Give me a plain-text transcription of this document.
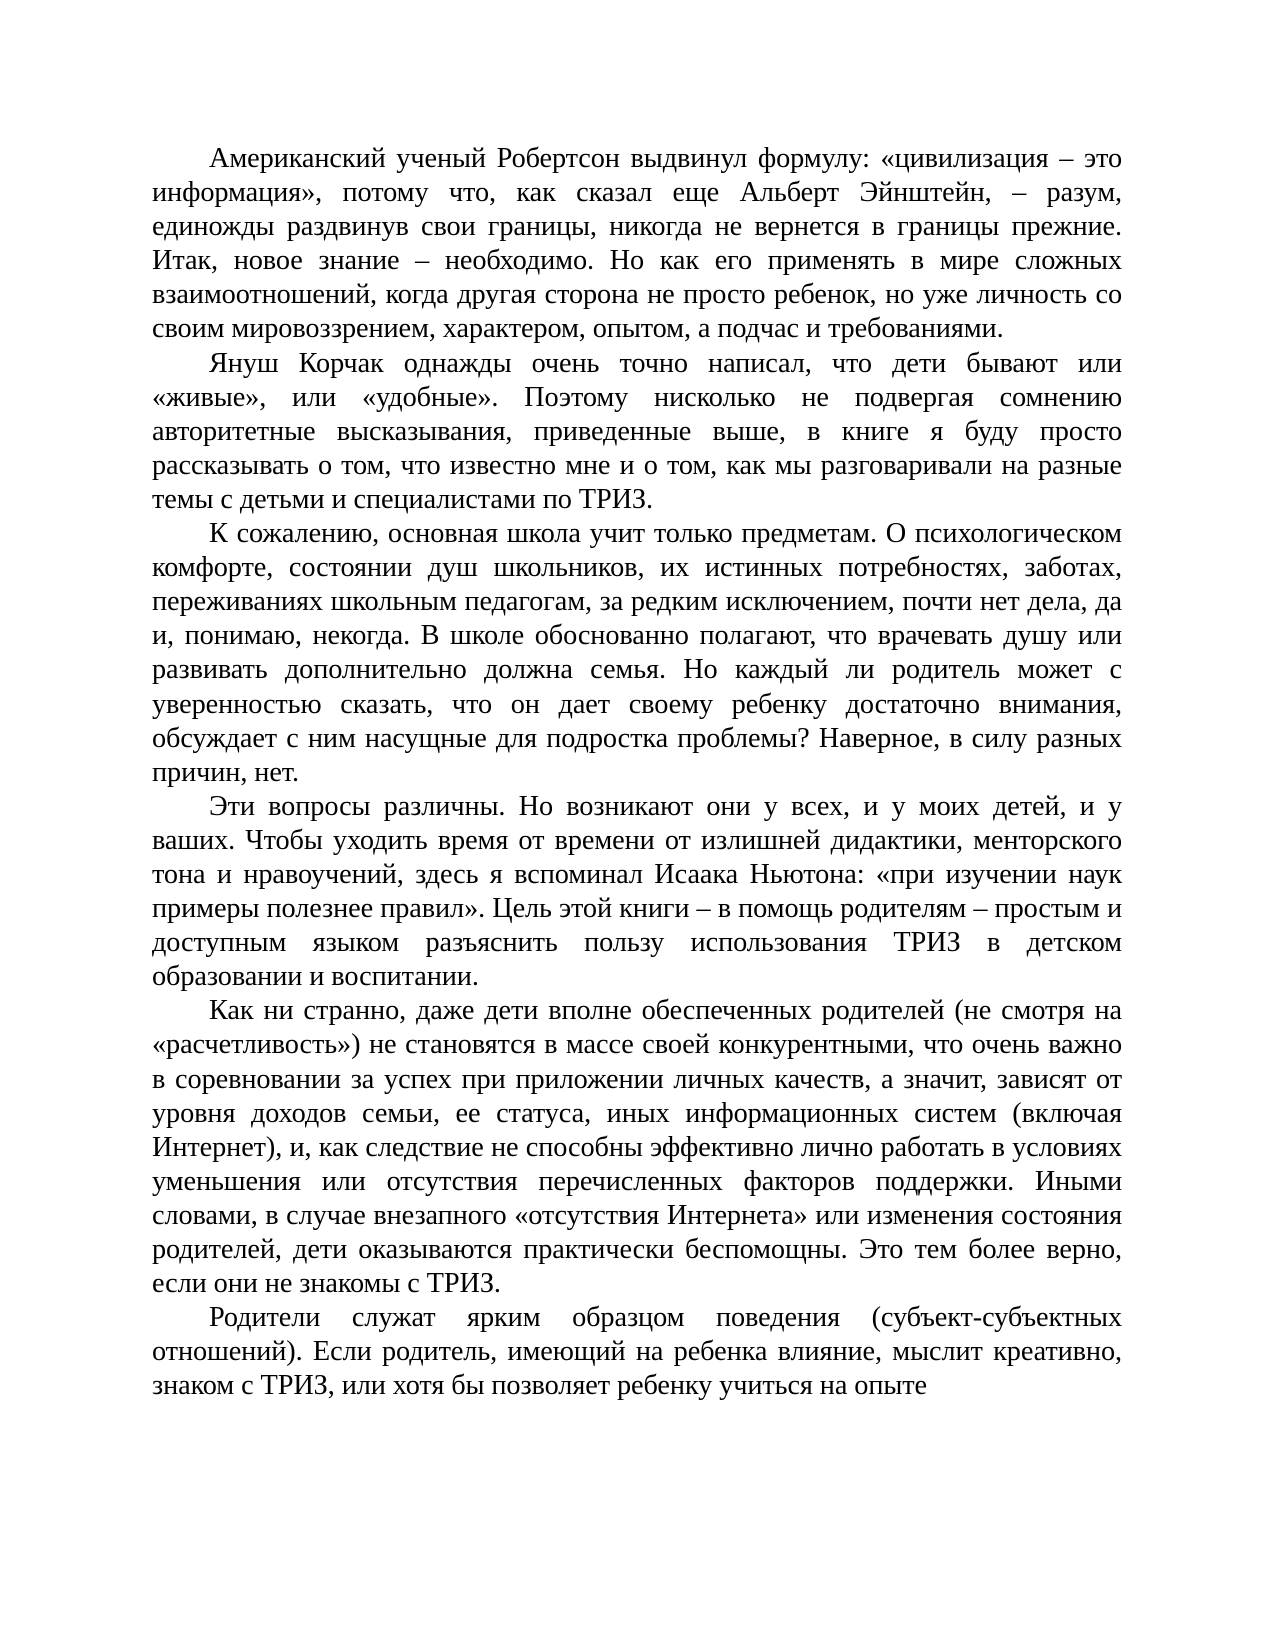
Американский ученый Робертсон выдвинул формулу: «цивилизация – это информация», потому что, как сказал еще Альберт Эйнштейн, – разум, единожды раздвинув свои границы, никогда не вернется в границы прежние. Итак, новое знание – необходимо. Но как его применять в мире сложных взаимоотношений, когда другая сторона не просто ребенок, но уже личность со своим мировоззрением, характером, опытом, а подчас и требованиями.

Януш Корчак однажды очень точно написал, что дети бывают или «живые», или «удобные». Поэтому нисколько не подвергая сомнению авторитетные высказывания, приведенные выше, в книге я буду просто рассказывать о том, что известно мне и о том, как мы разговаривали на разные темы с детьми и специалистами по ТРИЗ.

К сожалению, основная школа учит только предметам. О психологическом комфорте, состоянии душ школьников, их истинных потребностях, заботах, переживаниях школьным педагогам, за редким исключением, почти нет дела, да и, понимаю, некогда. В школе обоснованно полагают, что врачевать душу или развивать дополнительно должна семья. Но каждый ли родитель может с уверенностью сказать, что он дает своему ребенку достаточно внимания, обсуждает с ним насущные для подростка проблемы? Наверное, в силу разных причин, нет.

Эти вопросы различны. Но возникают они у всех, и у моих детей, и у ваших. Чтобы уходить время от времени от излишней дидактики, менторского тона и нравоучений, здесь я вспоминал Исаака Ньютона: «при изучении наук примеры полезнее правил». Цель этой книги – в помощь родителям – простым и доступным языком разъяснить пользу использования ТРИЗ в детском образовании и воспитании.

Как ни странно, даже дети вполне обеспеченных родителей (не смотря на «расчетливость») не становятся в массе своей конкурентными, что очень важно в соревновании за успех при приложении личных качеств, а значит, зависят от уровня доходов семьи, ее статуса, иных информационных систем (включая Интернет), и, как следствие не способны эффективно лично работать в условиях уменьшения или отсутствия перечисленных факторов поддержки. Иными словами, в случае внезапного «отсутствия Интернета» или изменения состояния родителей, дети оказываются практически беспомощны. Это тем более верно, если они не знакомы с ТРИЗ.

Родители служат ярким образцом поведения (субъект-субъектных отношений). Если родитель, имеющий на ребенка влияние, мыслит креативно, знаком с ТРИЗ, или хотя бы позволяет ребенку учиться на опыте
